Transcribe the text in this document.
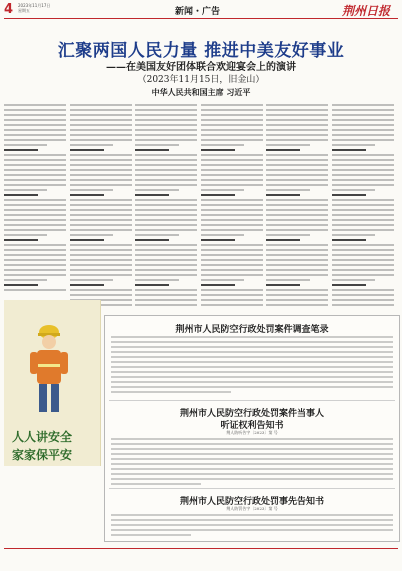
4 2023年11月17日
星期五	新闻・广告	荆州日报
汇聚两国人民力量 推进中美友好事业
——在美国友好团体联合欢迎宴会上的演讲
（2023年11月15日，旧金山）
中华人民共和国主席 习近平
人人讲安全
家家保平安
荆州市人民防空行政处罚案件调查笔录
荆州市人民防空行政处罚案件当事人
听证权利告知书
荆人防听告字〔2023〕第 号
荆州市人民防空行政处罚事先告知书
荆人防罚告字〔2023〕第 号
